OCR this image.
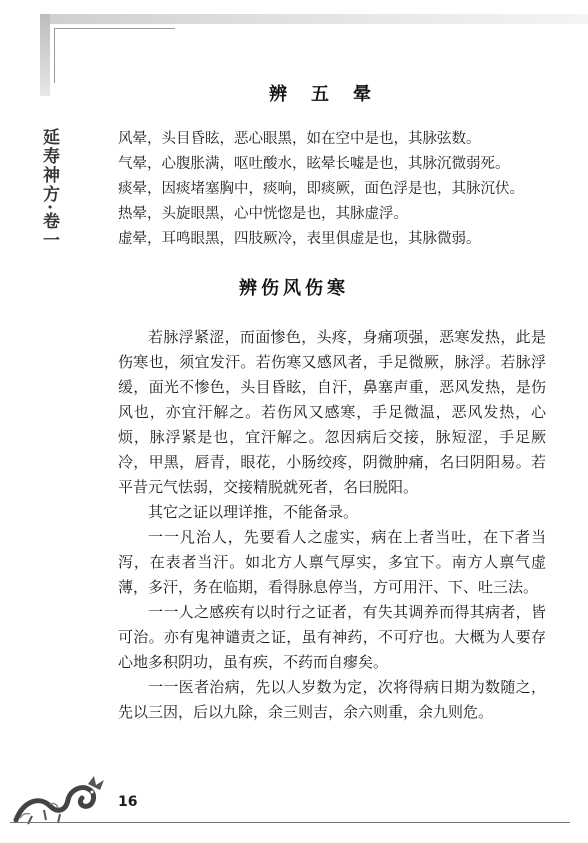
延寿神方·卷一
辨五晕

风晕，头目昏眩，恶心眼黑，如在空中是也，其脉弦数。

气晕，心腹胀满，呕吐酸水，眩晕长嘘是也，其脉沉微弱死。

痰晕，因痰堵塞胸中，痰响，即痰厥，面色浮是也，其脉沉伏。

热晕，头旋眼黑，心中恍惚是也，其脉虚浮。

虚晕，耳鸣眼黑，四肢厥冷，表里俱虚是也，其脉微弱。

辨伤风伤寒

若脉浮紧涩，而面惨色，头疼，身痛项强，恶寒发热，此是伤寒也，须宜发汗。若伤寒又感风者，手足微厥，脉浮。若脉浮缓，面光不惨色，头目昏眩，自汗，鼻塞声重，恶风发热，是伤风也，亦宜汗解之。若伤风又感寒，手足微温，恶风发热，心烦，脉浮紧是也，宜汗解之。忽因病后交接，脉短涩，手足厥冷，甲黑，唇青，眼花，小肠绞疼，阴微肿痛，名曰阴阳易。若平昔元气怯弱，交接精脱就死者，名曰脱阳。

其它之证以理详推，不能备录。

一一凡治人，先要看人之虚实，病在上者当吐，在下者当泻，在表者当汗。如北方人禀气厚实，多宜下。南方人禀气虚薄，多汗，务在临期，看得脉息停当，方可用汗、下、吐三法。

一一人之感疾有以时行之证者，有失其调养而得其病者，皆可治。亦有鬼神谴责之证，虽有神药，不可疗也。大概为人要存心地多积阴功，虽有疾，不药而自瘳矣。

一一医者治病，先以人岁数为定，次将得病日期为数随之，先以三因，后以九除，余三则吉，余六则重，余九则危。

16
